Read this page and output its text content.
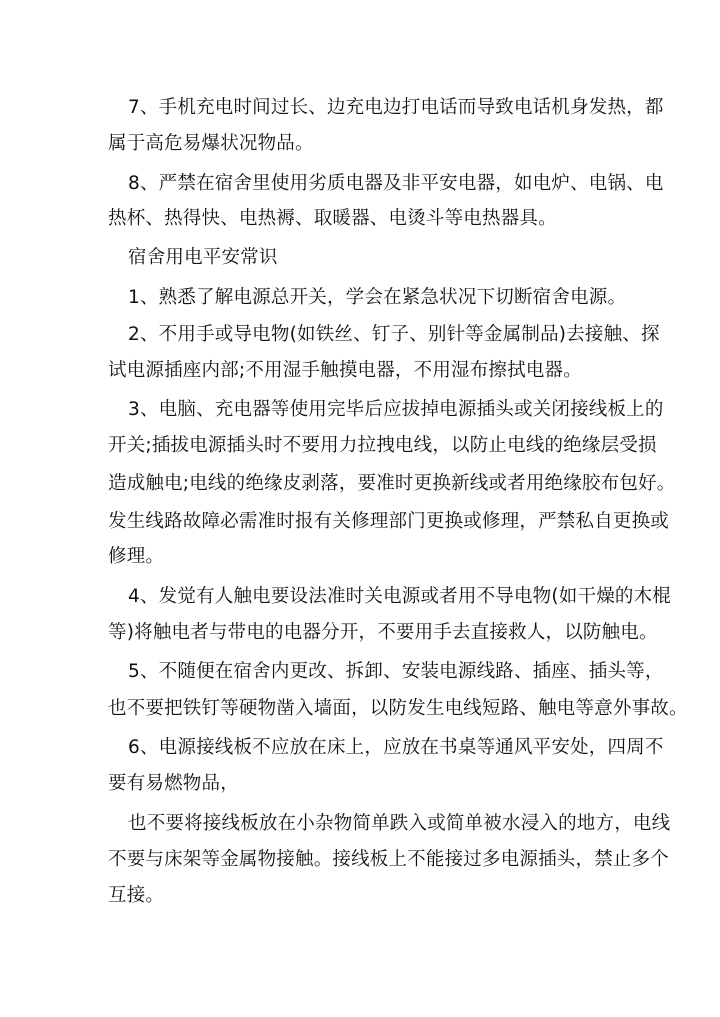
7、手机充电时间过长、边充电边打电话而导致电话机身发热，都
属于高危易爆状况物品。
8、严禁在宿舍里使用劣质电器及非平安电器，如电炉、电锅、电
热杯、热得快、电热褥、取暖器、电烫斗等电热器具。
宿舍用电平安常识
1、熟悉了解电源总开关，学会在紧急状况下切断宿舍电源。
2、不用手或导电物(如铁丝、钉子、别针等金属制品)去接触、探
试电源插座内部;不用湿手触摸电器，不用湿布擦拭电器。
3、电脑、充电器等使用完毕后应拔掉电源插头或关闭接线板上的
开关;插拔电源插头时不要用力拉拽电线，以防止电线的绝缘层受损
造成触电;电线的绝缘皮剥落，要准时更换新线或者用绝缘胶布包好。
发生线路故障必需准时报有关修理部门更换或修理，严禁私自更换或
修理。
4、发觉有人触电要设法准时关电源或者用不导电物(如干燥的木棍
等)将触电者与带电的电器分开，不要用手去直接救人，以防触电。
5、不随便在宿舍内更改、拆卸、安装电源线路、插座、插头等，
也不要把铁钉等硬物凿入墙面，以防发生电线短路、触电等意外事故。
6、电源接线板不应放在床上，应放在书桌等通风平安处，四周不
要有易燃物品，
也不要将接线板放在小杂物简单跌入或简单被水浸入的地方，电线
不要与床架等金属物接触。接线板上不能接过多电源插头，禁止多个
互接。
